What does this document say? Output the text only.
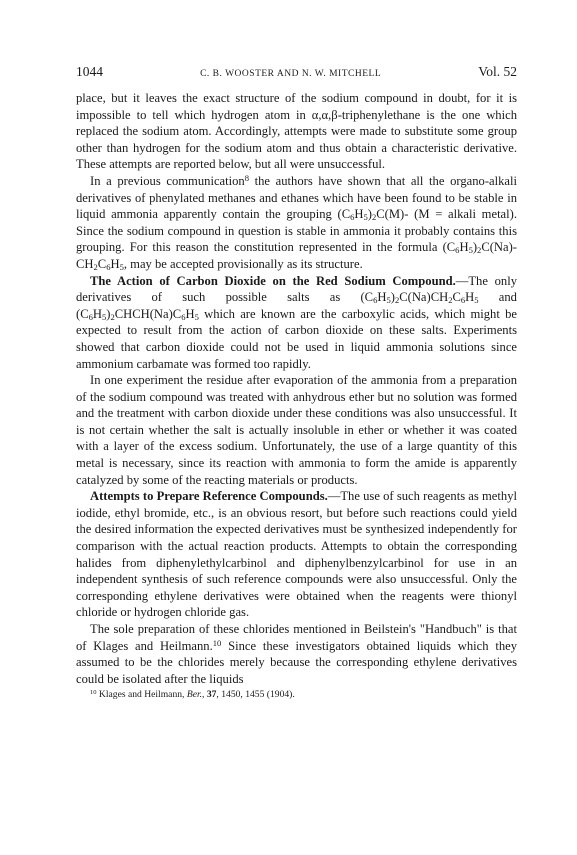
1044	C. B. WOOSTER AND N. W. MITCHELL	Vol. 52

place, but it leaves the exact structure of the sodium compound in doubt, for it is impossible to tell which hydrogen atom in α,α,β-triphenylethane is the one which replaced the sodium atom. Accordingly, attempts were made to substitute some group other than hydrogen for the sodium atom and thus obtain a characteristic derivative. These attempts are reported below, but all were unsuccessful.

In a previous communication$^8$ the authors have shown that all the organo-alkali derivatives of phenylated methanes and ethanes which have been found to be stable in liquid ammonia apparently contain the grouping $(C_6H_5)_2C(M)-$ (M = alkali metal). Since the sodium compound in question is stable in ammonia it probably contains this grouping. For this reason the constitution represented in the formula $(C_6H_5)_2C(Na)-CH_2C_6H_5$, may be accepted provisionally as its structure.

The Action of Carbon Dioxide on the Red Sodium Compound.—The only derivatives of such possible salts as $(C_6H_5)_2C(Na)CH_2C_6H_5$ and $(C_6H_5)_2CHCH(Na)C_6H_5$ which are known are the carboxylic acids, which might be expected to result from the action of carbon dioxide on these salts. Experiments showed that carbon dioxide could not be used in liquid ammonia solutions since ammonium carbamate was formed too rapidly.

In one experiment the residue after evaporation of the ammonia from a preparation of the sodium compound was treated with anhydrous ether but no solution was formed and the treatment with carbon dioxide under these conditions was also unsuccessful. It is not certain whether the salt is actually insoluble in ether or whether it was coated with a layer of the excess sodium. Unfortunately, the use of a large quantity of this metal is necessary, since its reaction with ammonia to form the amide is apparently catalyzed by some of the reacting materials or products.

Attempts to Prepare Reference Compounds.—The use of such reagents as methyl iodide, ethyl bromide, etc., is an obvious resort, but before such reactions could yield the desired information the expected derivatives must be synthesized independently for comparison with the actual reaction products. Attempts to obtain the corresponding halides from diphenylethylcarbinol and diphenylbenzylcarbinol for use in an independent synthesis of such reference compounds were also unsuccessful. Only the corresponding ethylene derivatives were obtained when the reagents were thionyl chloride or hydrogen chloride gas.

The sole preparation of these chlorides mentioned in Beilstein's "Handbuch" is that of Klages and Heilmann.$^{10}$ Since these investigators obtained liquids which they assumed to be the chlorides merely because the corresponding ethylene derivatives could be isolated after the liquids

$^{10}$ Klages and Heilmann, Ber., 37, 1450, 1455 (1904).
